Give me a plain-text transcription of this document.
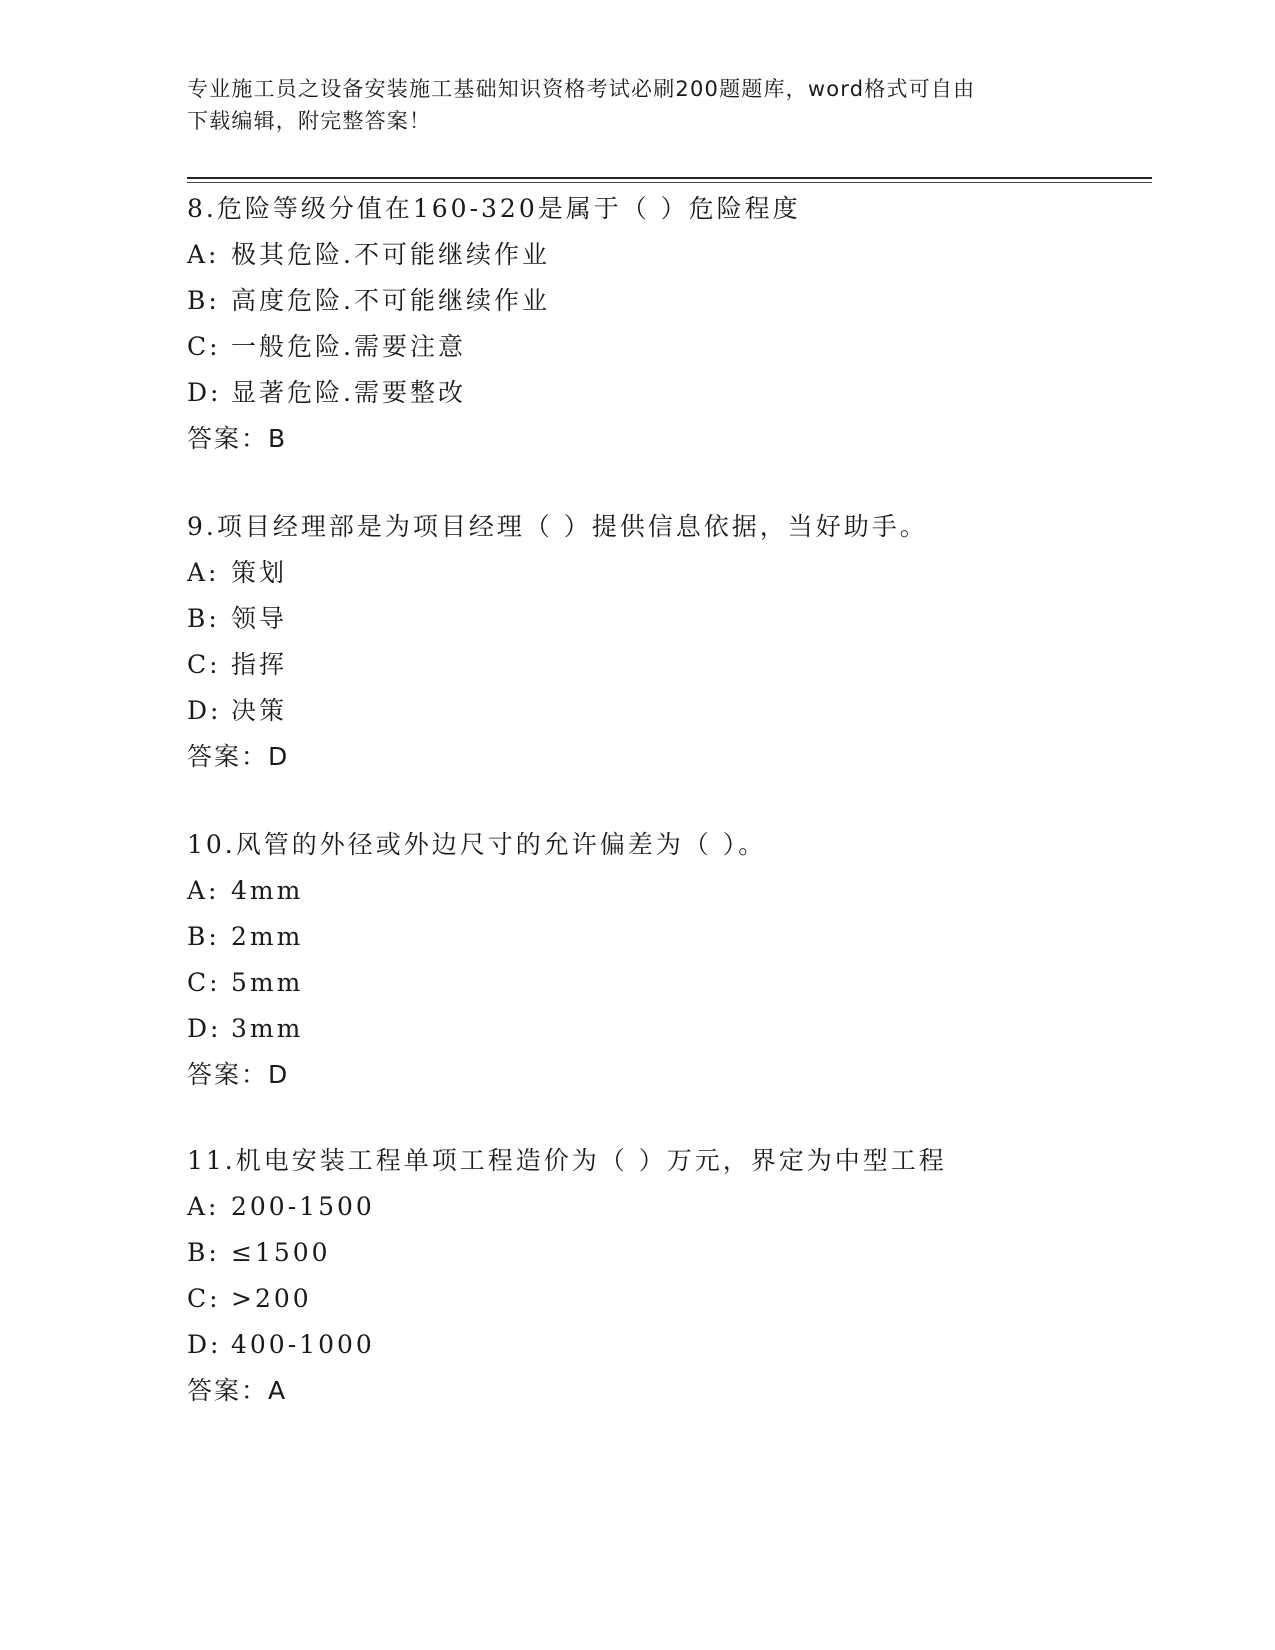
专业施工员之设备安装施工基础知识资格考试必刷200题题库，word格式可自由
下载编辑，附完整答案！
8.危险等级分值在160-320是属于（ ）危险程度
A: 极其危险.不可能继续作业
B: 高度危险.不可能继续作业
C: 一般危险.需要注意
D: 显著危险.需要整改
答案：B
9.项目经理部是为项目经理（ ）提供信息依据，当好助手。
A: 策划
B: 领导
C: 指挥
D: 决策
答案：D
10.风管的外径或外边尺寸的允许偏差为（ ）。
A: 4mm
B: 2mm
C: 5mm
D: 3mm
答案：D
11.机电安装工程单项工程造价为（ ）万元，界定为中型工程
A: 200-1500
B: ≤1500
C: >200
D: 400-1000
答案：A
